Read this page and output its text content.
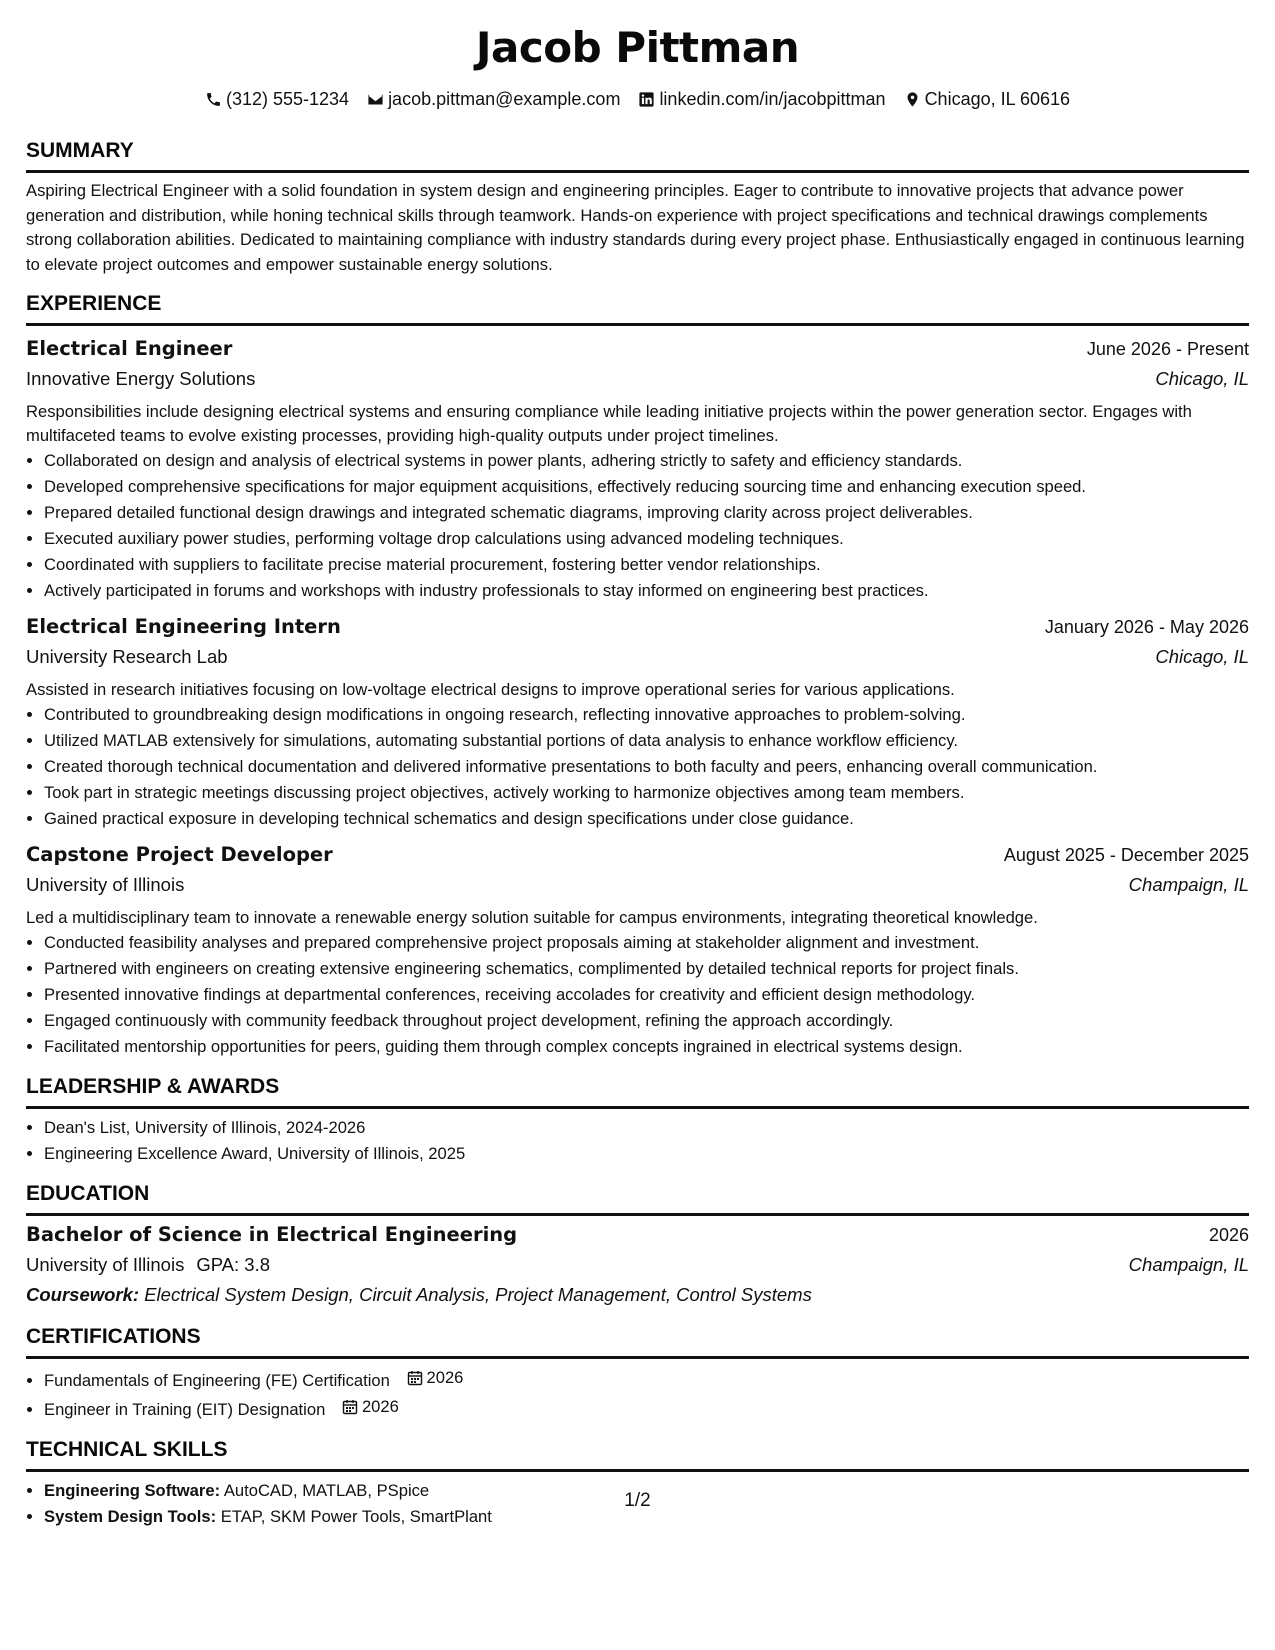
Jacob Pittman
(312) 555-1234 jacob.pittman@example.com linkedin.com/in/jacobpittman Chicago, IL 60616
SUMMARY
Aspiring Electrical Engineer with a solid foundation in system design and engineering principles. Eager to contribute to innovative projects that advance power generation and distribution, while honing technical skills through teamwork. Hands-on experience with project specifications and technical drawings complements strong collaboration abilities. Dedicated to maintaining compliance with industry standards during every project phase. Enthusiastically engaged in continuous learning to elevate project outcomes and empower sustainable energy solutions.
EXPERIENCE
Electrical Engineer	June 2026 - Present
Innovative Energy Solutions	Chicago, IL
Responsibilities include designing electrical systems and ensuring compliance while leading initiative projects within the power generation sector. Engages with multifaceted teams to evolve existing processes, providing high-quality outputs under project timelines.
• Collaborated on design and analysis of electrical systems in power plants, adhering strictly to safety and efficiency standards.
• Developed comprehensive specifications for major equipment acquisitions, effectively reducing sourcing time and enhancing execution speed.
• Prepared detailed functional design drawings and integrated schematic diagrams, improving clarity across project deliverables.
• Executed auxiliary power studies, performing voltage drop calculations using advanced modeling techniques.
• Coordinated with suppliers to facilitate precise material procurement, fostering better vendor relationships.
• Actively participated in forums and workshops with industry professionals to stay informed on engineering best practices.
Electrical Engineering Intern	January 2026 - May 2026
University Research Lab	Chicago, IL
Assisted in research initiatives focusing on low-voltage electrical designs to improve operational series for various applications.
• Contributed to groundbreaking design modifications in ongoing research, reflecting innovative approaches to problem-solving.
• Utilized MATLAB extensively for simulations, automating substantial portions of data analysis to enhance workflow efficiency.
• Created thorough technical documentation and delivered informative presentations to both faculty and peers, enhancing overall communication.
• Took part in strategic meetings discussing project objectives, actively working to harmonize objectives among team members.
• Gained practical exposure in developing technical schematics and design specifications under close guidance.
Capstone Project Developer	August 2025 - December 2025
University of Illinois	Champaign, IL
Led a multidisciplinary team to innovate a renewable energy solution suitable for campus environments, integrating theoretical knowledge.
• Conducted feasibility analyses and prepared comprehensive project proposals aiming at stakeholder alignment and investment.
• Partnered with engineers on creating extensive engineering schematics, complimented by detailed technical reports for project finals.
• Presented innovative findings at departmental conferences, receiving accolades for creativity and efficient design methodology.
• Engaged continuously with community feedback throughout project development, refining the approach accordingly.
• Facilitated mentorship opportunities for peers, guiding them through complex concepts ingrained in electrical systems design.
LEADERSHIP & AWARDS
• Dean's List, University of Illinois, 2024-2026
• Engineering Excellence Award, University of Illinois, 2025
EDUCATION
Bachelor of Science in Electrical Engineering	2026
University of Illinois GPA: 3.8	Champaign, IL
Coursework: Electrical System Design, Circuit Analysis, Project Management, Control Systems
CERTIFICATIONS
• Fundamentals of Engineering (FE) Certification 2026
• Engineer in Training (EIT) Designation 2026
TECHNICAL SKILLS
• Engineering Software: AutoCAD, MATLAB, PSpice
• System Design Tools: ETAP, SKM Power Tools, SmartPlant
1/2
